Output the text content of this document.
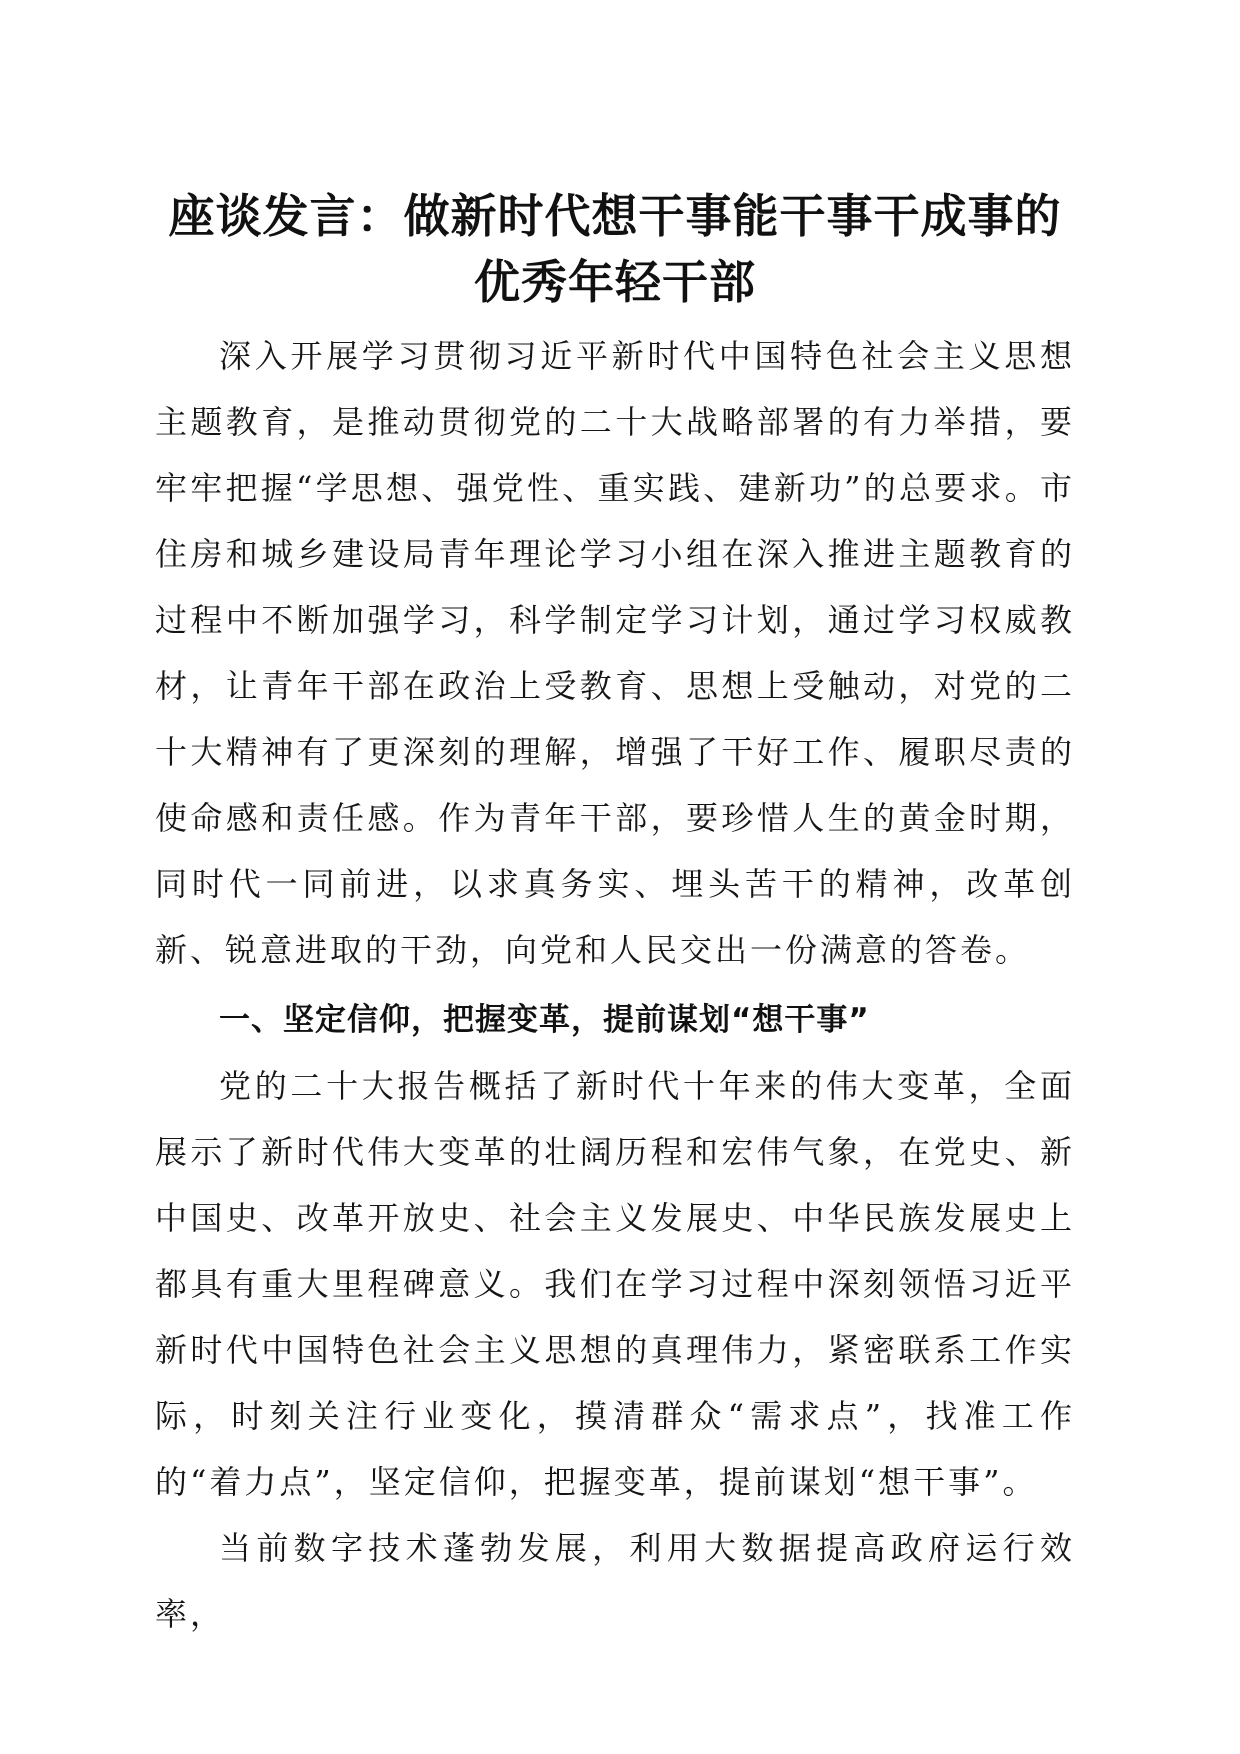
座谈发言：做新时代想干事能干事干成事的优秀年轻干部

深入开展学习贯彻习近平新时代中国特色社会主义思想主题教育，是推动贯彻党的二十大战略部署的有力举措，要牢牢把握“学思想、强党性、重实践、建新功”的总要求。市住房和城乡建设局青年理论学习小组在深入推进主题教育的过程中不断加强学习，科学制定学习计划，通过学习权威教材，让青年干部在政治上受教育、思想上受触动，对党的二十大精神有了更深刻的理解，增强了干好工作、履职尽责的使命感和责任感。作为青年干部，要珍惜人生的黄金时期，同时代一同前进，以求真务实、埋头苦干的精神，改革创新、锐意进取的干劲，向党和人民交出一份满意的答卷。

一、坚定信仰，把握变革，提前谋划“想干事”

党的二十大报告概括了新时代十年来的伟大变革，全面展示了新时代伟大变革的壮阔历程和宏伟气象，在党史、新中国史、改革开放史、社会主义发展史、中华民族发展史上都具有重大里程碑意义。我们在学习过程中深刻领悟习近平新时代中国特色社会主义思想的真理伟力，紧密联系工作实际，时刻关注行业变化，摸清群众“需求点”，找准工作的“着力点”，坚定信仰，把握变革，提前谋划“想干事”。

当前数字技术蓬勃发展，利用大数据提高政府运行效率，
